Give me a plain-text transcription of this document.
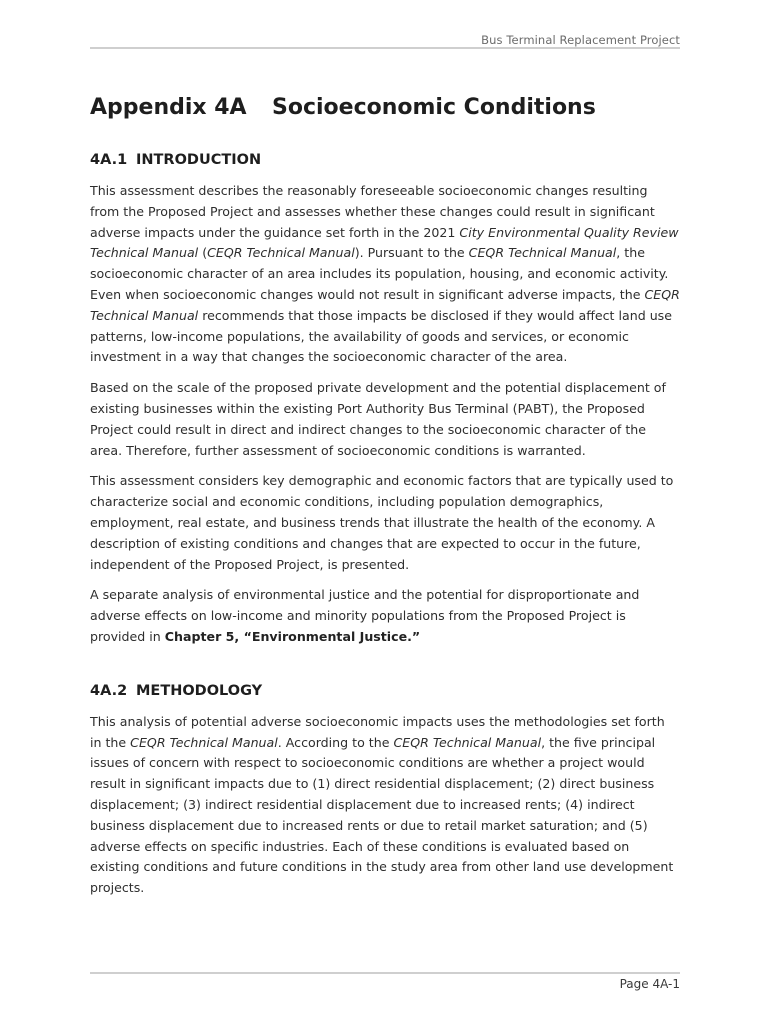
Bus Terminal Replacement Project
Appendix 4A	Socioeconomic Conditions
4A.1 INTRODUCTION

This assessment describes the reasonably foreseeable socioeconomic changes resulting from the Proposed Project and assesses whether these changes could result in significant adverse impacts under the guidance set forth in the 2021 City Environmental Quality Review Technical Manual (CEQR Technical Manual). Pursuant to the CEQR Technical Manual, the socioeconomic character of an area includes its population, housing, and economic activity. Even when socioeconomic changes would not result in significant adverse impacts, the CEQR Technical Manual recommends that those impacts be disclosed if they would affect land use patterns, low-income populations, the availability of goods and services, or economic investment in a way that changes the socioeconomic character of the area.

Based on the scale of the proposed private development and the potential displacement of existing businesses within the existing Port Authority Bus Terminal (PABT), the Proposed Project could result in direct and indirect changes to the socioeconomic character of the area. Therefore, further assessment of socioeconomic conditions is warranted.

This assessment considers key demographic and economic factors that are typically used to characterize social and economic conditions, including population demographics, employment, real estate, and business trends that illustrate the health of the economy. A description of existing conditions and changes that are expected to occur in the future, independent of the Proposed Project, is presented.

A separate analysis of environmental justice and the potential for disproportionate and adverse effects on low-income and minority populations from the Proposed Project is provided in Chapter 5, “Environmental Justice.”

4A.2 METHODOLOGY

This analysis of potential adverse socioeconomic impacts uses the methodologies set forth in the CEQR Technical Manual. According to the CEQR Technical Manual, the five principal issues of concern with respect to socioeconomic conditions are whether a project would result in significant impacts due to (1) direct residential displacement; (2) direct business displacement; (3) indirect residential displacement due to increased rents; (4) indirect business displacement due to increased rents or due to retail market saturation; and (5) adverse effects on specific industries. Each of these conditions is evaluated based on existing conditions and future conditions in the study area from other land use development projects.

Page 4A-1
